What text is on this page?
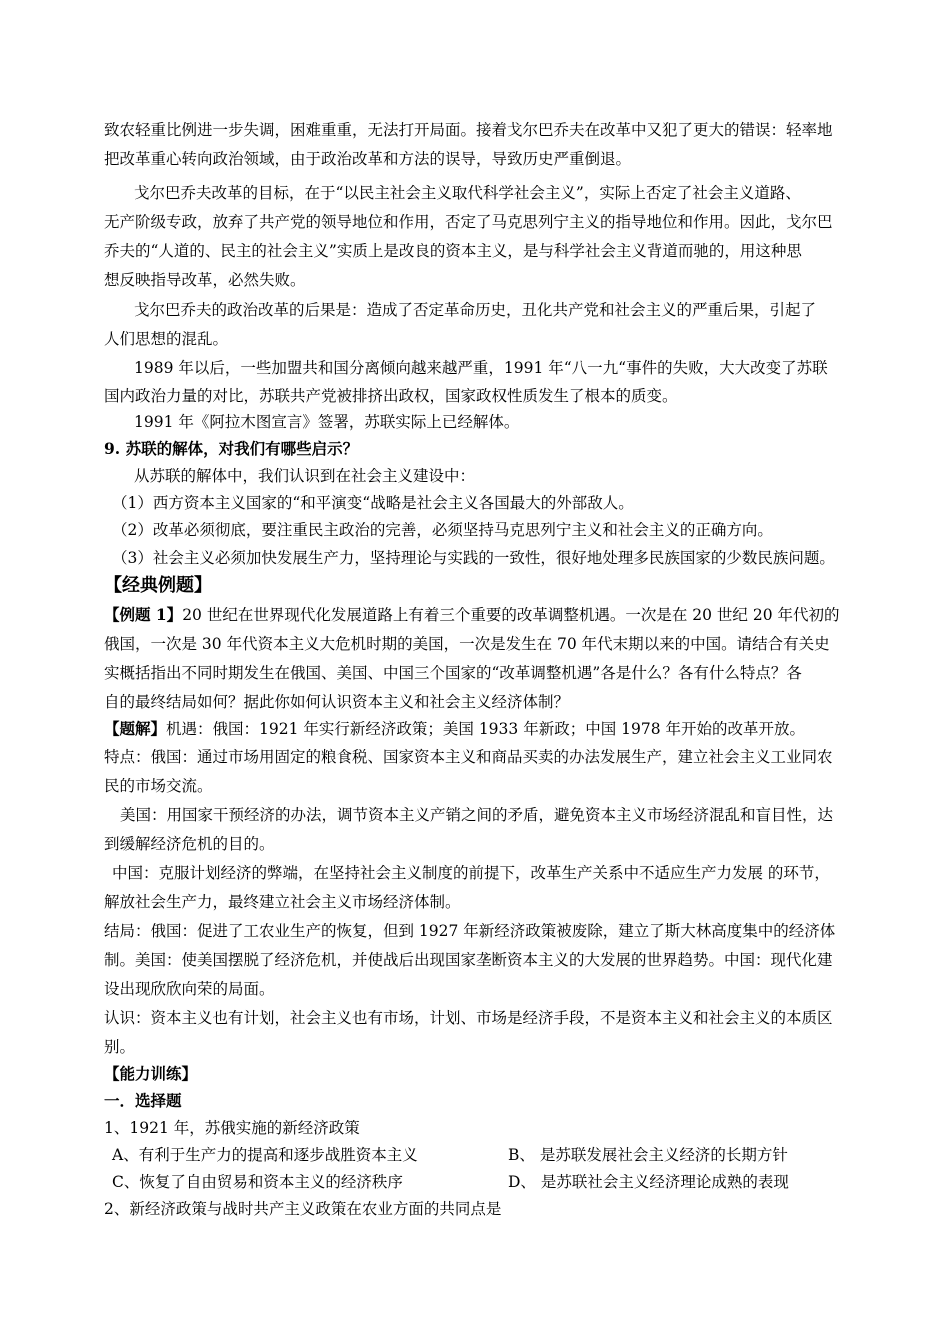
致农轻重比例进一步失调，困难重重，无法打开局面。接着戈尔巴乔夫在改革中又犯了更大的错误：轻率地
把改革重心转向政治领域，由于政治改革和方法的误导，导致历史严重倒退。
戈尔巴乔夫改革的目标，在于“以民主社会主义取代科学社会主义”，实际上否定了社会主义道路、
无产阶级专政，放弃了共产党的领导地位和作用，否定了马克思列宁主义的指导地位和作用。因此，戈尔巴
乔夫的“人道的、民主的社会主义”实质上是改良的资本主义，是与科学社会主义背道而驰的，用这种思
想反映指导改革，必然失败。
戈尔巴乔夫的政治改革的后果是：造成了否定革命历史，丑化共产党和社会主义的严重后果，引起了
人们思想的混乱。
1989 年以后，一些加盟共和国分离倾向越来越严重，1991 年“八一九“事件的失败，大大改变了苏联
国内政治力量的对比，苏联共产党被排挤出政权，国家政权性质发生了根本的质变。
1991 年《阿拉木图宣言》签署，苏联实际上已经解体。
9. 苏联的解体，对我们有哪些启示？
从苏联的解体中，我们认识到在社会主义建设中：
（1）西方资本主义国家的“和平演变“战略是社会主义各国最大的外部敌人。
（2）改革必须彻底，要注重民主政治的完善，必须坚持马克思列宁主义和社会主义的正确方向。
（3）社会主义必须加快发展生产力，坚持理论与实践的一致性，很好地处理多民族国家的少数民族问题。
【经典例题】
【例题 1】20 世纪在世界现代化发展道路上有着三个重要的改革调整机遇。一次是在 20 世纪 20 年代初的
俄国，一次是 30 年代资本主义大危机时期的美国，一次是发生在 70 年代末期以来的中国。请结合有关史
实概括指出不同时期发生在俄国、美国、中国三个国家的“改革调整机遇”各是什么？各有什么特点？各
自的最终结局如何？据此你如何认识资本主义和社会主义经济体制？
【题解】机遇：俄国：1921 年实行新经济政策；美国 1933 年新政；中国 1978 年开始的改革开放。
特点：俄国：通过市场用固定的粮食税、国家资本主义和商品买卖的办法发展生产，建立社会主义工业同农
民的市场交流。
美国：用国家干预经济的办法，调节资本主义产销之间的矛盾，避免资本主义市场经济混乱和盲目性，达
到缓解经济危机的目的。
中国：克服计划经济的弊端，在坚持社会主义制度的前提下，改革生产关系中不适应生产力发展 的环节，
解放社会生产力，最终建立社会主义市场经济体制。
结局：俄国：促进了工农业生产的恢复，但到 1927 年新经济政策被废除，建立了斯大林高度集中的经济体
制。美国：使美国摆脱了经济危机，并使战后出现国家垄断资本主义的大发展的世界趋势。中国：现代化建
设出现欣欣向荣的局面。
认识：资本主义也有计划，社会主义也有市场，计划、市场是经济手段，不是资本主义和社会主义的本质区
别。
【能力训练】
一．选择题
1、1921 年，苏俄实施的新经济政策
A、有利于生产力的提高和逐步战胜资本主义	B、 是苏联发展社会主义经济的长期方针
C、恢复了自由贸易和资本主义的经济秩序	D、 是苏联社会主义经济理论成熟的表现
2、新经济政策与战时共产主义政策在农业方面的共同点是
